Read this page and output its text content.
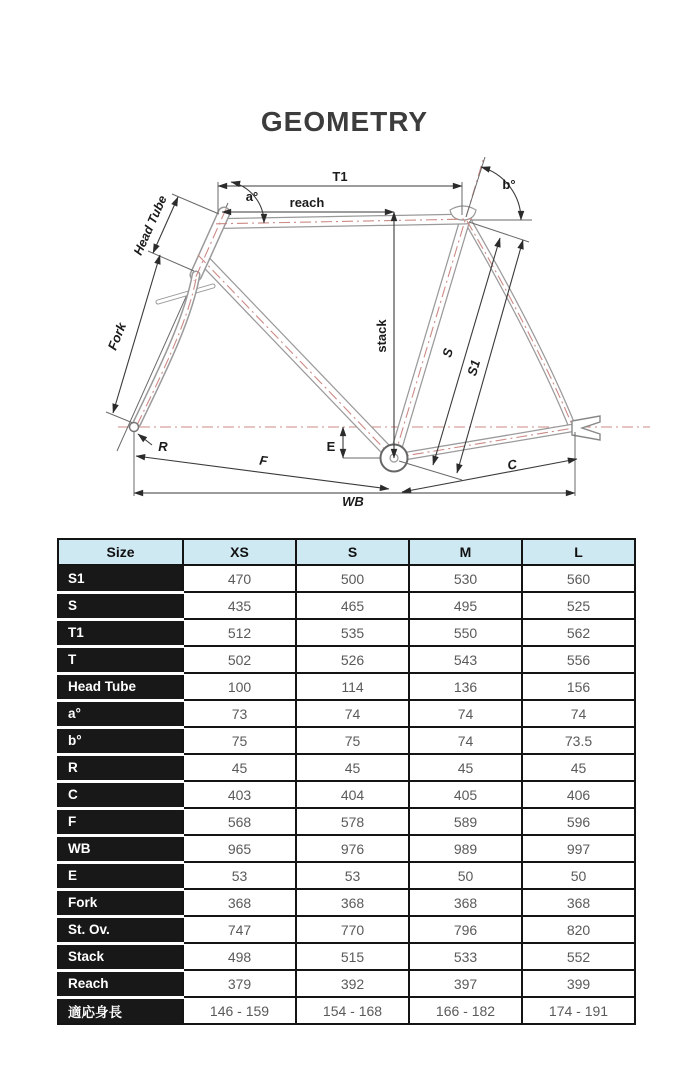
GEOMETRY
T1
reach
a°
b°
Head Tube
Fork	stack
S
S1
R	E
F	C
WB
Size	XS	S	M	L
S1	470	500	530	560
S	435	465	495	525
T1	512	535	550	562
T	502	526	543	556
Head Tube	100	114	136	156
a°	73	74	74	74
b°	75	75	74	73.5
R	45	45	45	45
C	403	404	405	406
F	568	578	589	596
WB	965	976	989	997
E	53	53	50	50
Fork	368	368	368	368
St. Ov.	747	770	796	820
Stack	498	515	533	552
Reach	379	392	397	399
適応身長	146 - 159	154 - 168	166 - 182	174 - 191
